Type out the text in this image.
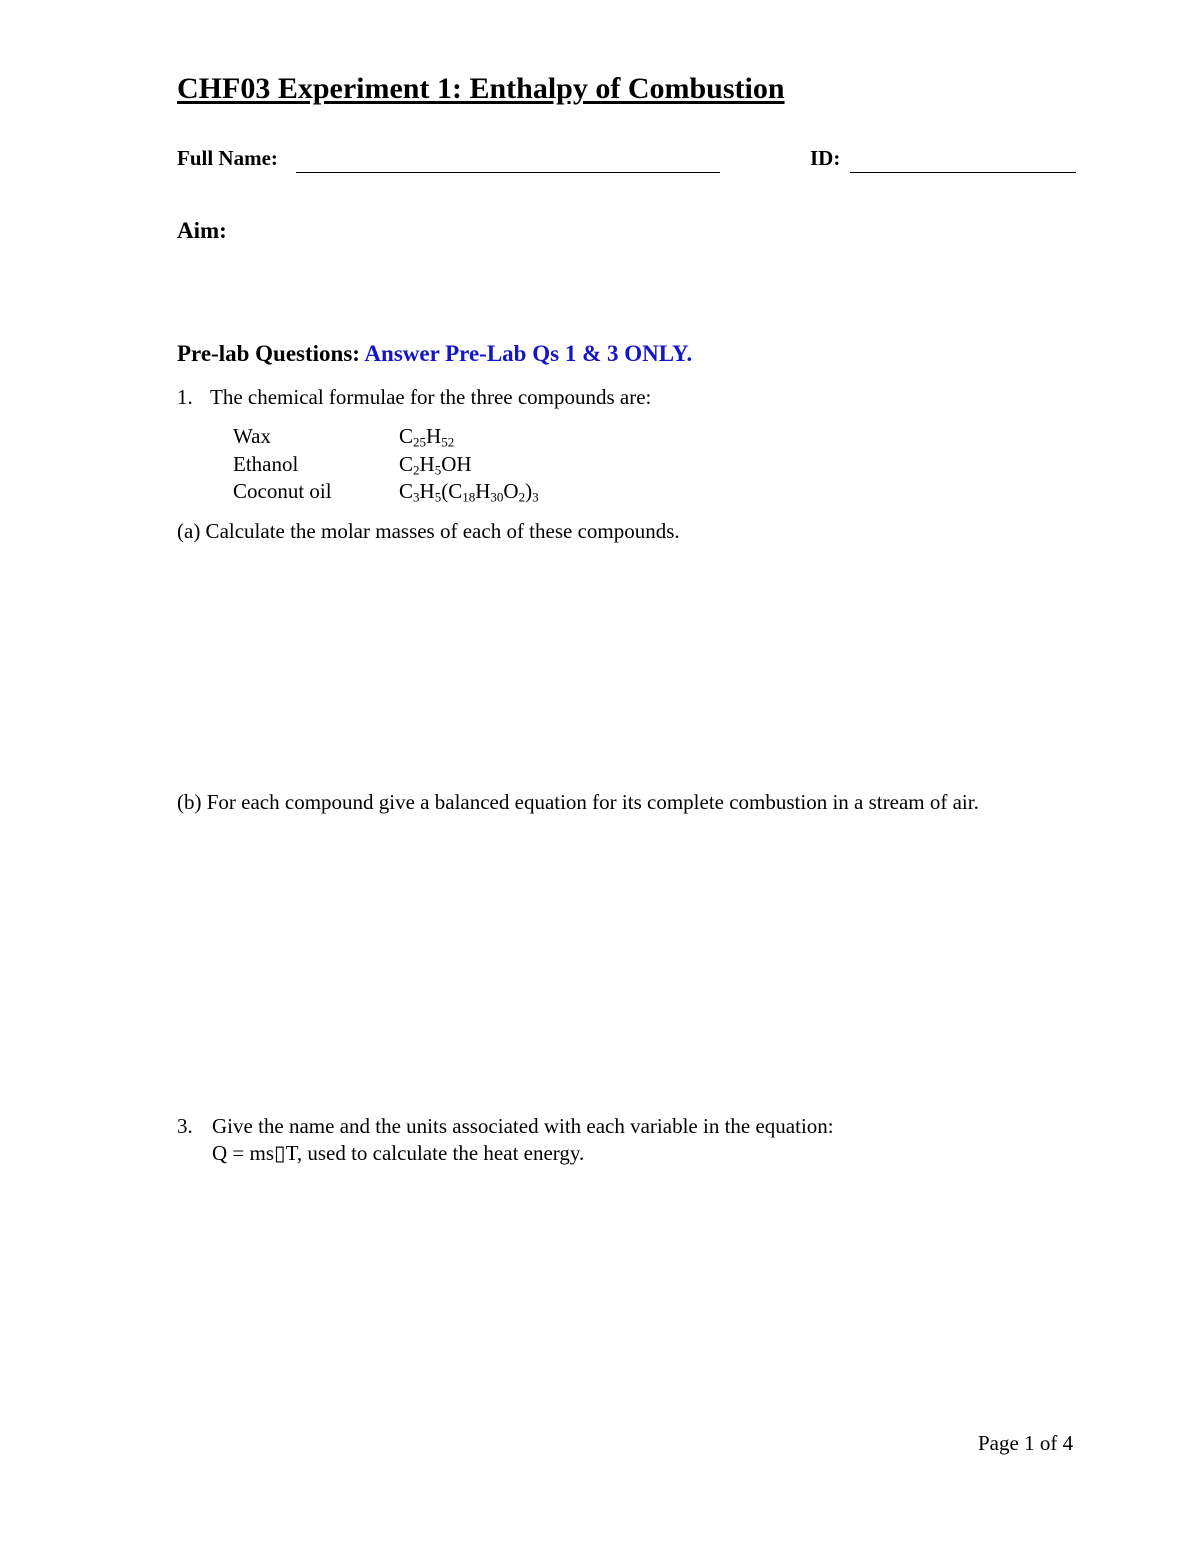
CHF03 Experiment 1: Enthalpy of Combustion
Full Name:	ID:
Aim:
Pre-lab Questions: Answer Pre-Lab Qs 1 & 3 ONLY.
1. The chemical formulae for the three compounds are:
Wax	$C_{25}H_{52}$
Ethanol	$C_2H_5OH$
Coconut oil	$C_3H_5(C_{18}H_{30}O_2)_3$
(a) Calculate the molar masses of each of these compounds.
(b) For each compound give a balanced equation for its complete combustion in a stream of air.
3. Give the name and the units associated with each variable in the equation:
Q = ms▯T, used to calculate the heat energy.
Page 1 of 4
